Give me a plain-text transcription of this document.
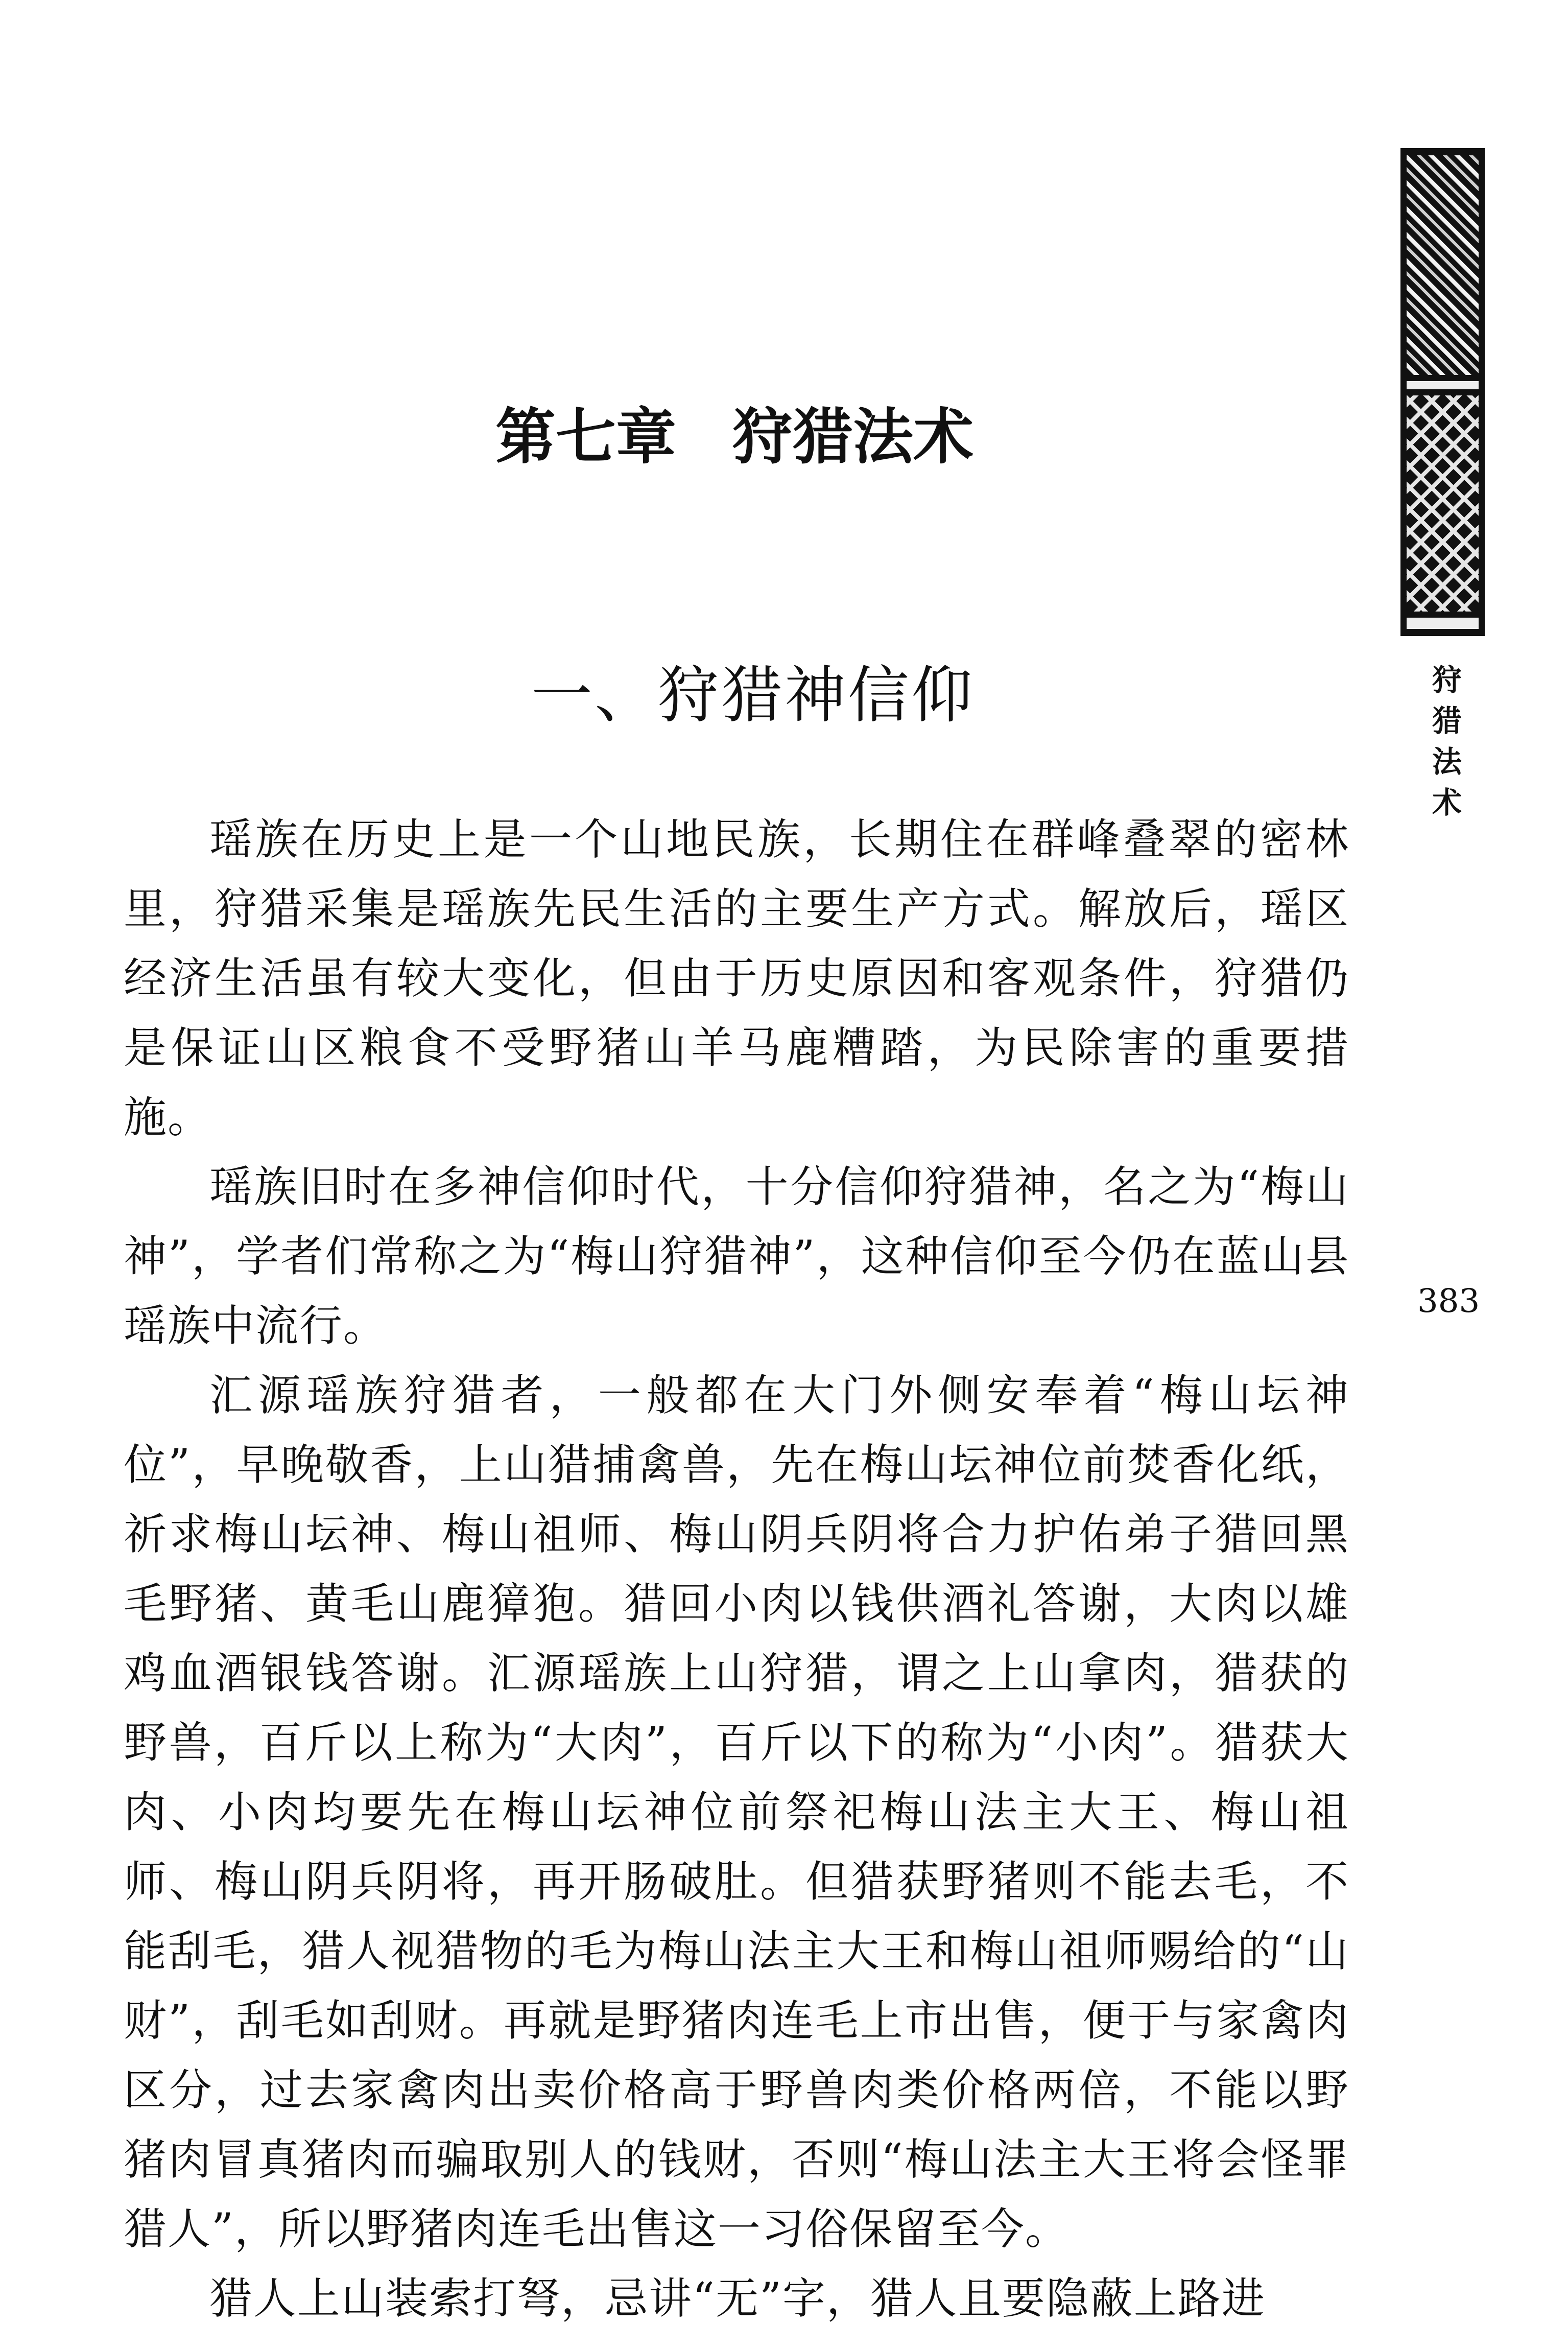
第七章 狩猎法术
一、狩猎神信仰

瑶族在历史上是一个山地民族，长期住在群峰叠翠的密林里，狩猎采集是瑶族先民生活的主要生产方式。解放后，瑶区经济生活虽有较大变化，但由于历史原因和客观条件，狩猎仍是保证山区粮食不受野猪山羊马鹿糟踏，为民除害的重要措施。

瑶族旧时在多神信仰时代，十分信仰狩猎神，名之为“梅山神”，学者们常称之为“梅山狩猎神”，这种信仰至今仍在蓝山县瑶族中流行。

汇源瑶族狩猎者，一般都在大门外侧安奉着“梅山坛神位”，早晚敬香，上山猎捕禽兽，先在梅山坛神位前焚香化纸，祈求梅山坛神、梅山祖师、梅山阴兵阴将合力护佑弟子猎回黑毛野猪、黄毛山鹿獐狍。猎回小肉以钱供酒礼答谢，大肉以雄鸡血酒银钱答谢。汇源瑶族上山狩猎，谓之上山拿肉，猎获的野兽，百斤以上称为“大肉”，百斤以下的称为“小肉”。猎获大肉、小肉均要先在梅山坛神位前祭祀梅山法主大王、梅山祖师、梅山阴兵阴将，再开肠破肚。但猎获野猪则不能去毛，不能刮毛，猎人视猎物的毛为梅山法主大王和梅山祖师赐给的“山财”，刮毛如刮财。再就是野猪肉连毛上市出售，便于与家禽肉区分，过去家禽肉出卖价格高于野兽肉类价格两倍，不能以野猪肉冒真猪肉而骗取别人的钱财，否则“梅山法主大王将会怪罪猎人”，所以野猪肉连毛出售这一习俗保留至今。

猎人上山装索打弩，忌讲“无”字，猎人且要隐蔽上路进

狩猎法术

383
